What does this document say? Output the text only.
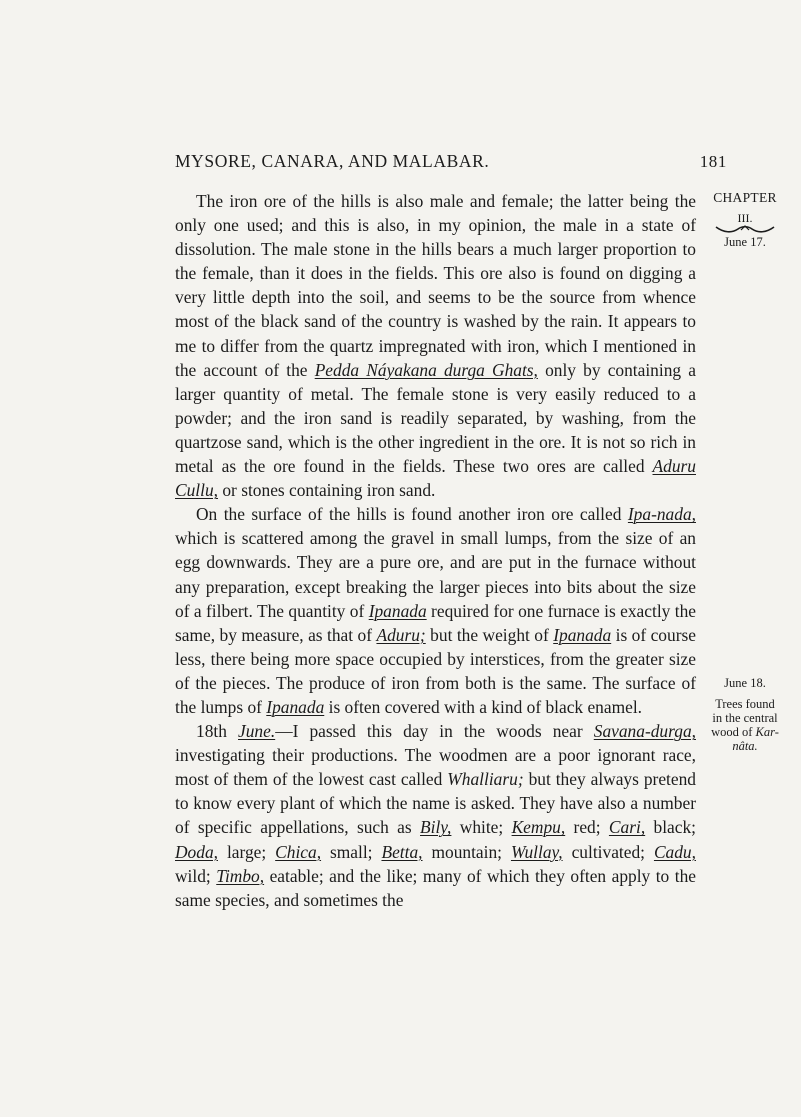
MYSORE, CANARA, AND MALABAR.	181

The iron ore of the hills is also male and female; the latter being the only one used; and this is also, in my opinion, the male in a state of dissolution. The male stone in the hills bears a much larger proportion to the female, than it does in the fields. This ore also is found on digging a very little depth into the soil, and seems to be the source from whence most of the black sand of the country is washed by the rain. It appears to me to differ from the quartz impregnated with iron, which I mentioned in the account of the Pedda Náyakana durga Ghats, only by containing a larger quantity of metal. The female stone is very easily reduced to a powder; and the iron sand is readily separated, by washing, from the quartzose sand, which is the other ingredient in the ore. It is not so rich in metal as the ore found in the fields. These two ores are called Aduru Cullu, or stones containing iron sand.

On the surface of the hills is found another iron ore called Ipa-nada, which is scattered among the gravel in small lumps, from the size of an egg downwards. They are a pure ore, and are put in the furnace without any preparation, except breaking the larger pieces into bits about the size of a filbert. The quantity of Ipanada required for one furnace is exactly the same, by measure, as that of Aduru; but the weight of Ipanada is of course less, there being more space occupied by interstices, from the greater size of the pieces. The produce of iron from both is the same. The surface of the lumps of Ipanada is often covered with a kind of black enamel.

18th June.—I passed this day in the woods near Savana-durga, investigating their productions. The woodmen are a poor ignorant race, most of them of the lowest cast called Whalliaru; but they always pretend to know every plant of which the name is asked. They have also a number of specific appellations, such as Bily, white; Kempu, red; Cari, black; Doda, large; Chica, small; Betta, mountain; Wullay, cultivated; Cadu, wild; Timbo, eatable; and the like; many of which they often apply to the same species, and sometimes the

CHAPTER
III.
June 17.
June 18.
Trees found
in the central
wood of Kar-
nâta.
